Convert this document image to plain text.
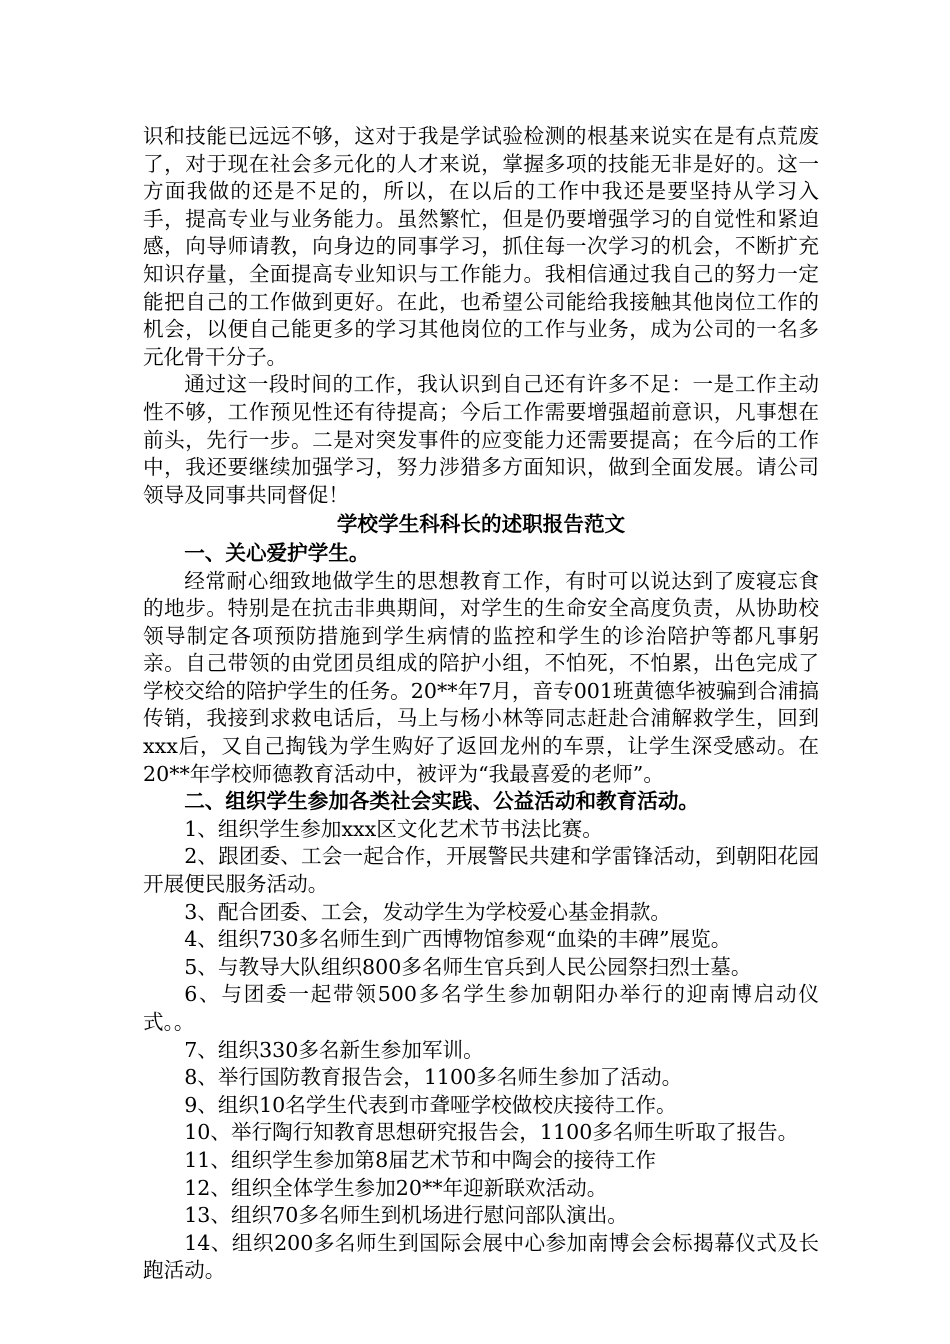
识和技能已远远不够，这对于我是学试验检测的根基来说实在是有点荒废了，对于现在社会多元化的人才来说，掌握多项的技能无非是好的。这一方面我做的还是不足的，所以，在以后的工作中我还是要坚持从学习入手，提高专业与业务能力。虽然繁忙，但是仍要增强学习的自觉性和紧迫感，向导师请教，向身边的同事学习，抓住每一次学习的机会，不断扩充知识存量，全面提高专业知识与工作能力。我相信通过我自己的努力一定能把自己的工作做到更好。在此，也希望公司能给我接触其他岗位工作的机会，以便自己能更多的学习其他岗位的工作与业务，成为公司的一名多元化骨干分子。

通过这一段时间的工作，我认识到自己还有许多不足：一是工作主动性不够，工作预见性还有待提高；今后工作需要增强超前意识，凡事想在前头，先行一步。二是对突发事件的应变能力还需要提高；在今后的工作中，我还要继续加强学习，努力涉猎多方面知识，做到全面发展。请公司领导及同事共同督促！

学校学生科科长的述职报告范文

一、关心爱护学生。

经常耐心细致地做学生的思想教育工作，有时可以说达到了废寝忘食的地步。特别是在抗击非典期间，对学生的生命安全高度负责，从协助校领导制定各项预防措施到学生病情的监控和学生的诊治陪护等都凡事躬亲。自己带领的由党团员组成的陪护小组，不怕死，不怕累，出色完成了学校交给的陪护学生的任务。20**年7月，音专001班黄德华被骗到合浦搞传销，我接到求救电话后，马上与杨小林等同志赶赴合浦解救学生，回到xxx后，又自己掏钱为学生购好了返回龙州的车票，让学生深受感动。在20**年学校师德教育活动中，被评为“我最喜爱的老师”。

二、组织学生参加各类社会实践、公益活动和教育活动。

1、组织学生参加xxx区文化艺术节书法比赛。

2、跟团委、工会一起合作，开展警民共建和学雷锋活动，到朝阳花园开展便民服务活动。

3、配合团委、工会，发动学生为学校爱心基金捐款。

4、组织730多名师生到广西博物馆参观“血染的丰碑”展览。

5、与教导大队组织800多名师生官兵到人民公园祭扫烈士墓。

6、与团委一起带领500多名学生参加朝阳办举行的迎南博启动仪式。。

7、组织330多名新生参加军训。

8、举行国防教育报告会，1100多名师生参加了活动。

9、组织10名学生代表到市聋哑学校做校庆接待工作。

10、举行陶行知教育思想研究报告会，1100多名师生听取了报告。

11、组织学生参加第8届艺术节和中陶会的接待工作

12、组织全体学生参加20**年迎新联欢活动。

13、组织70多名师生到机场进行慰问部队演出。

14、组织200多名师生到国际会展中心参加南博会会标揭幕仪式及长跑活动。
